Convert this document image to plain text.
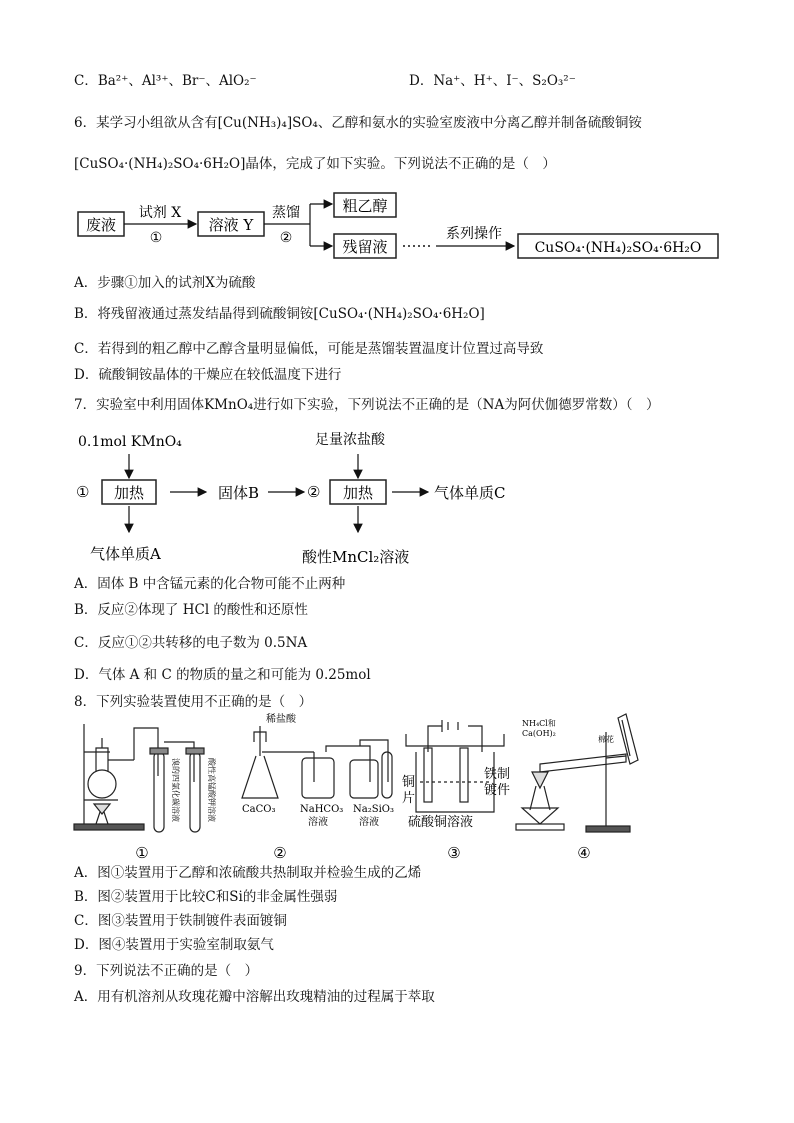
C．Ba²⁺、Al³⁺、Br⁻、AlO₂⁻	D．Na⁺、H⁺、I⁻、S₂O₃²⁻
6．某学习小组欲从含有[Cu(NH₃)₄]SO₄、乙醇和氨水的实验室废液中分离乙醇并制备硫酸铜铵
[CuSO₄·(NH₄)₂SO₄·6H₂O]晶体，完成了如下实验。下列说法不正确的是（　）
废液
试剂 X
①
溶液 Y
蒸馏
②
粗乙醇
残留液
系列操作
CuSO₄·(NH₄)₂SO₄·6H₂O
A．步骤①加入的试剂X为硫酸
B．将残留液通过蒸发结晶得到硫酸铜铵[CuSO₄·(NH₄)₂SO₄·6H₂O]
C．若得到的粗乙醇中乙醇含量明显偏低，可能是蒸馏装置温度计位置过高导致
D．硫酸铜铵晶体的干燥应在较低温度下进行
7．实验室中利用固体KMnO₄进行如下实验，下列说法不正确的是（NA为阿伏伽德罗常数）（　）
0.1mol KMnO₄	足量浓盐酸
① 加热	固体B	② 加热	气体单质C
气体单质A	酸性MnCl₂溶液
A．固体 B 中含锰元素的化合物可能不止两种
B．反应②体现了 HCl 的酸性和还原性
C．反应①②共转移的电子数为 0.5NA
D．气体 A 和 C 的物质的量之和可能为 0.25mol
8．下列实验装置使用不正确的是（　）
溴的四氯化碳溶液	酸性高锰酸钾溶液
①
稀盐酸
CaCO₃ NaHCO₃
溶液
Na₂SiO₃
溶液
②
铜
片
铁制
镀件
硫酸铜溶液
③
NH₄Cl和
Ca(OH)₂
棉花
④
A．图①装置用于乙醇和浓硫酸共热制取并检验生成的乙烯
B．图②装置用于比较C和Si的非金属性强弱
C．图③装置用于铁制镀件表面镀铜
D．图④装置用于实验室制取氨气
9．下列说法不正确的是（　）
A．用有机溶剂从玫瑰花瓣中溶解出玫瑰精油的过程属于萃取
